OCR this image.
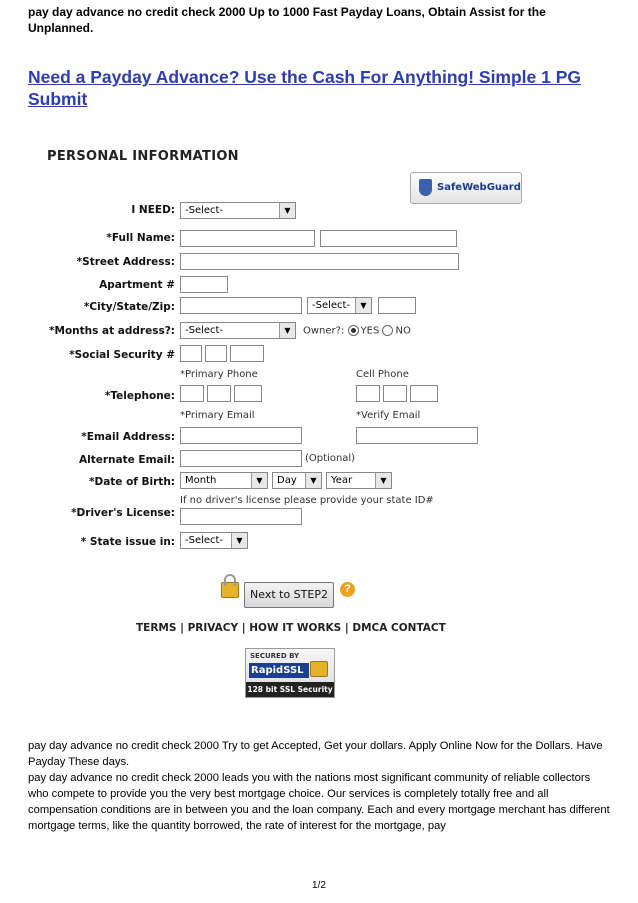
pay day advance no credit check 2000 Up to 1000 Fast Payday Loans, Obtain Assist for the Unplanned.
Need a Payday Advance? Use the Cash For Anything! Simple 1 PG Submit
PERSONAL INFORMATION
SafeWebGuard
I NEED:	-Select-	▼
*Full Name:
*Street Address:
Apartment #
*City/State/Zip:	-Select-	▼
*Months at address?:	-Select-	▼	Owner?: YES NO
*Social Security #
*Primary Phone	Cell Phone
*Telephone:
*Primary Email	*Verify Email
*Email Address:
Alternate Email:	(Optional)
*Date of Birth:	Month	▼	Day	▼	Year	▼
If no driver's license please provide your state ID#
*Driver's License:
* State issue in:	-Select-	▼
Next to STEP2	?
TERMS | PRIVACY | HOW IT WORKS | DMCA CONTACT
SECURED BY
RapidSSL
128 bit SSL Security
pay day advance no credit check 2000 Try to get Accepted, Get your dollars. Apply Online Now for the Dollars. Have Payday These days.
pay day advance no credit check 2000 leads you with the nations most significant community of reliable collectors who compete to provide you the very best mortgage choice. Our services is completely totally free and all compensation conditions are in between you and the loan company. Each and every mortgage merchant has different mortgage terms, like the quantity borrowed, the rate of interest for the mortgage, pay
1/2
